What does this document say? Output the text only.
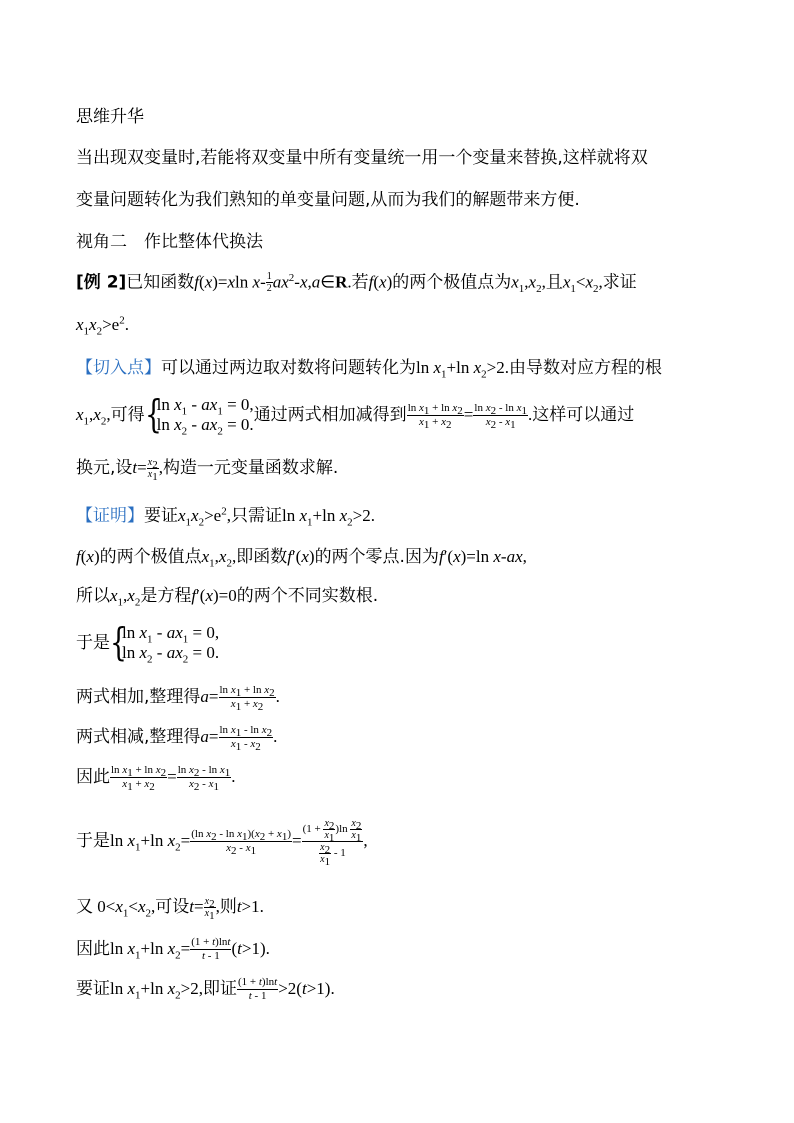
思维升华
当出现双变量时,若能将双变量中所有变量统一用一个变量来替换,这样就将双
变量问题转化为我们熟知的单变量问题,从而为我们的解题带来方便.
视角二　作比整体代换法
[例 2]已知函数f(x)=xln $x- \frac{1}{2}$ $ax^2-x,a\in R$.若f(x)的两个极值点为$x_1,x_2$,且$x_1<x_2$,求证
$x_1x_2>e^2$.
【切入点】可以通过两边取对数将问题转化为$\ln x_1+\ln$ $x_2>2$.由导数对应方程的根
$x_1,x_2$,可得 {
$\ln x_1 - ax_1 = 0$,
$\ln x_2 - ax_2 = 0$. 通过两式相加减得到 $\frac{\ln x_1 + \ln x_2}{x_1 + x_2} = \frac{\ln x_2 - \ln x_1}{x_2 - x_1}$ .这样可以通过
换元,设$t= \frac{x_2}{x_1}$ ,构造一元变量函数求解.
【证明】要证$x_1x_2>e^2$,只需证$\ln x_1+\ln$ $x_2>2$.
f(x)的两个极值点$x_1,x_2$,即函数f′(x)的两个零点.因为f′(x)=ln x-ax,
所以$x_1,x_2$是方程f′(x)=0的两个不同实数根.
于是 {
$\ln x_1 - ax_1 = 0$,
$\ln x_2 - ax_2 = 0$.
两式相加,整理得$a= \frac{\ln x_1 + \ln x_2}{x_1 + x_2}$ .
两式相减,整理得$a= \frac{\ln x_1 - \ln x_2}{x_1 - x_2}$ .
因此 $\frac{\ln x_1 + \ln x_2}{x_1 + x_2} = \frac{\ln x_2 - \ln x_1}{x_2 - x_1}$ .
于是$\ln x_1+\ln$ $x_2= \frac{(\ln x_2 - \ln x_1)(x_2 + x_1)}{x_2 - x_1} = \frac{(1 + \frac{x_2}{x_1} )\ln \frac{x_2}{x_1}}{\frac{x_2}{x_1} - 1}$ ,
又 $0<x_1<x_2$,可设$t= \frac{x_2}{x_1}$ ,则t>1.
因此$\ln x_1+\ln$ $x_2= \frac{(1 + t)\ln t}{t - 1} (t>1)$.
要证$\ln x_1+\ln$ $x_2>2$,即证 $\frac{(1 + t)\ln t}{t - 1} >2(t>1)$.
